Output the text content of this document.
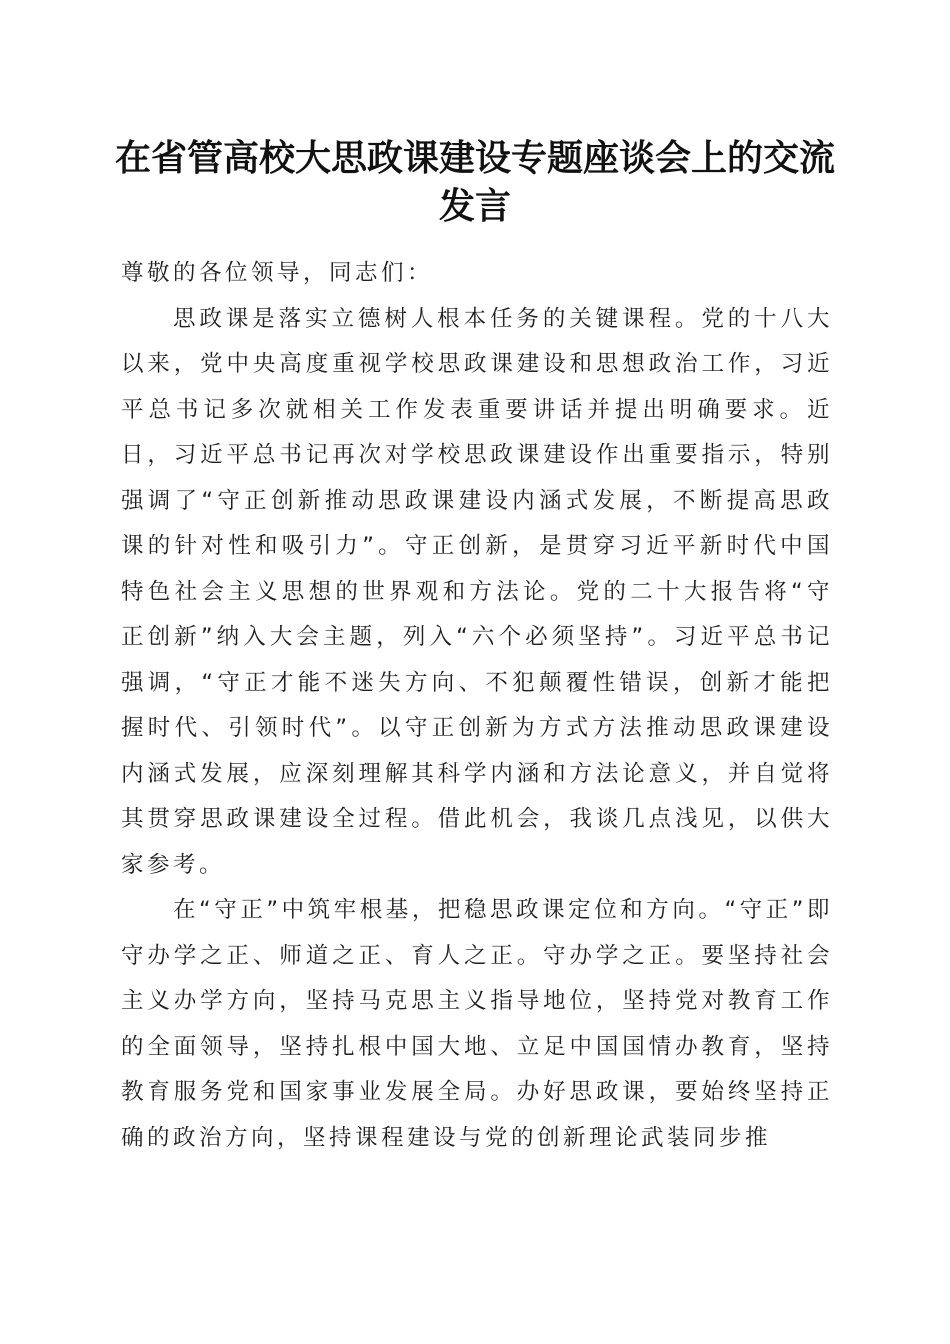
在省管高校大思政课建设专题座谈会上的交流发言

尊敬的各位领导，同志们：

思政课是落实立德树人根本任务的关键课程。党的十八大以来，党中央高度重视学校思政课建设和思想政治工作，习近平总书记多次就相关工作发表重要讲话并提出明确要求。近日，习近平总书记再次对学校思政课建设作出重要指示，特别强调了“守正创新推动思政课建设内涵式发展，不断提高思政课的针对性和吸引力”。守正创新，是贯穿习近平新时代中国特色社会主义思想的世界观和方法论。党的二十大报告将“守正创新”纳入大会主题，列入“六个必须坚持”。习近平总书记强调，“守正才能不迷失方向、不犯颠覆性错误，创新才能把握时代、引领时代”。以守正创新为方式方法推动思政课建设内涵式发展，应深刻理解其科学内涵和方法论意义，并自觉将其贯穿思政课建设全过程。借此机会，我谈几点浅见，以供大家参考。

在“守正”中筑牢根基，把稳思政课定位和方向。“守正”即守办学之正、师道之正、育人之正。守办学之正。要坚持社会主义办学方向，坚持马克思主义指导地位，坚持党对教育工作的全面领导，坚持扎根中国大地、立足中国国情办教育，坚持教育服务党和国家事业发展全局。办好思政课，要始终坚持正确的政治方向，坚持课程建设与党的创新理论武装同步推
